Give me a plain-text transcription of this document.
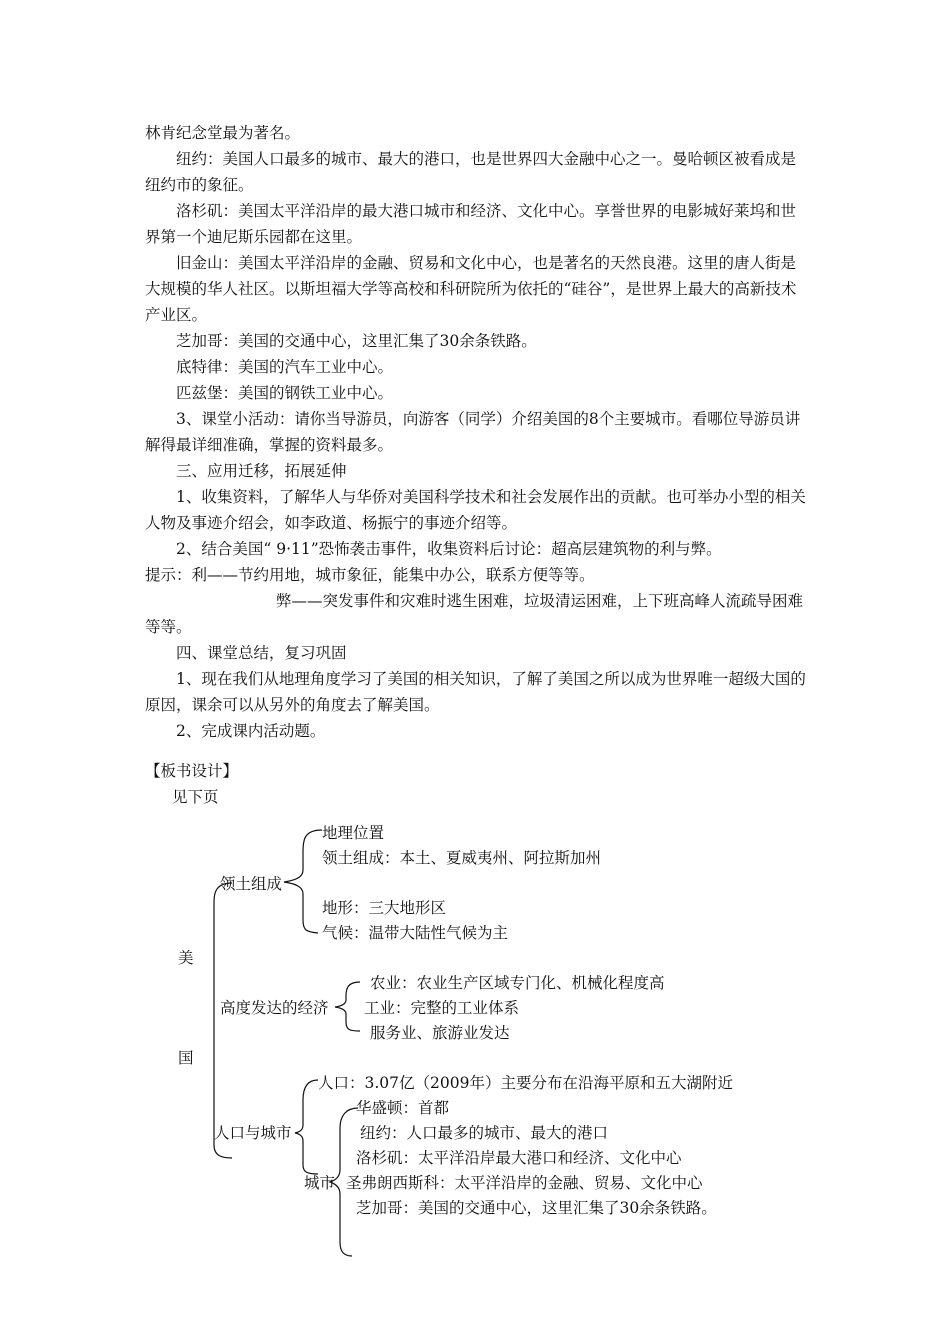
林肯纪念堂最为著名。

纽约：美国人口最多的城市、最大的港口，也是世界四大金融中心之一。曼哈顿区被看成是纽约市的象征。

洛杉矶：美国太平洋沿岸的最大港口城市和经济、文化中心。享誉世界的电影城好莱坞和世界第一个迪尼斯乐园都在这里。

旧金山：美国太平洋沿岸的金融、贸易和文化中心，也是著名的天然良港。这里的唐人街是大规模的华人社区。以斯坦福大学等高校和科研院所为依托的“硅谷”，是世界上最大的高新技术产业区。

芝加哥：美国的交通中心，这里汇集了30余条铁路。

底特律：美国的汽车工业中心。

匹兹堡：美国的钢铁工业中心。

3、课堂小活动：请你当导游员，向游客（同学）介绍美国的8个主要城市。看哪位导游员讲解得最详细准确，掌握的资料最多。

三、应用迁移，拓展延伸

1、收集资料，了解华人与华侨对美国科学技术和社会发展作出的贡献。也可举办小型的相关人物及事迹介绍会，如李政道、杨振宁的事迹介绍等。

2、结合美国“ 9·11”恐怖袭击事件，收集资料后讨论：超高层建筑物的利与弊。

提示：利——节约用地，城市象征，能集中办公，联系方便等等。

弊——突发事件和灾难时逃生困难，垃圾清运困难，上下班高峰人流疏导困难等等。

四、课堂总结，复习巩固

1、现在我们从地理角度学习了美国的相关知识，了解了美国之所以成为世界唯一超级大国的原因，课余可以从另外的角度去了解美国。

2、完成课内活动题。

【板书设计】
见下页
美
国
领土组成
地理位置
领土组成：本土、夏威夷州、阿拉斯加州
地形：三大地形区
气候：温带大陆性气候为主
高度发达的经济
农业：农业生产区域专门化、机械化程度高
工业：完整的工业体系
服务业、旅游业发达
人口与城市
人口：3.07亿（2009年）主要分布在沿海平原和五大湖附近
城市
华盛顿：首都
纽约：人口最多的城市、最大的港口
洛杉矶：太平洋沿岸最大港口和经济、文化中心
圣弗朗西斯科：太平洋沿岸的金融、贸易、文化中心
芝加哥：美国的交通中心，这里汇集了30余条铁路。
